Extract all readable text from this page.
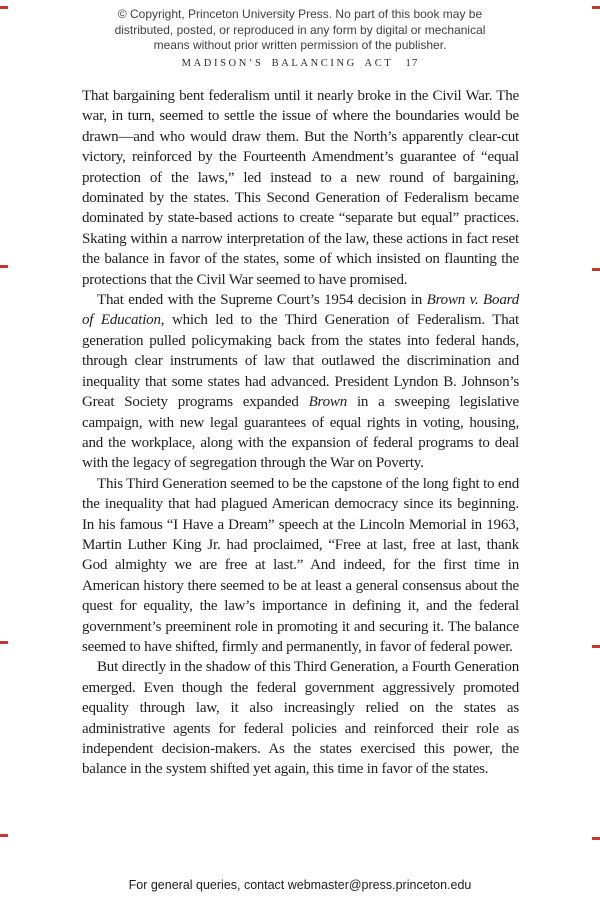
© Copyright, Princeton University Press. No part of this book may be
distributed, posted, or reproduced in any form by digital or mechanical
means without prior written permission of the publisher.
MADISON’S BALANCING ACT 17

That bargaining bent federalism until it nearly broke in the Civil War. The war, in turn, seemed to settle the issue of where the boundaries would be drawn—and who would draw them. But the North’s apparently clear-cut victory, reinforced by the Fourteenth Amendment’s guarantee of “equal protection of the laws,” led instead to a new round of bargaining, dominated by the states. This Second Generation of Federalism became dominated by state-based actions to create “separate but equal” practices. Skating within a narrow interpretation of the law, these actions in fact reset the balance in favor of the states, some of which insisted on flaunting the protections that the Civil War seemed to have promised.

That ended with the Supreme Court’s 1954 decision in Brown v. Board of Education, which led to the Third Generation of Federalism. That generation pulled policymaking back from the states into federal hands, through clear instruments of law that outlawed the discrimination and inequality that some states had advanced. President Lyndon B. Johnson’s Great Society programs expanded Brown in a sweeping legislative campaign, with new legal guarantees of equal rights in voting, housing, and the workplace, along with the expansion of federal programs to deal with the legacy of segregation through the War on Poverty.

This Third Generation seemed to be the capstone of the long fight to end the inequality that had plagued American democracy since its beginning. In his famous “I Have a Dream” speech at the Lincoln Memorial in 1963, Martin Luther King Jr. had proclaimed, “Free at last, free at last, thank God almighty we are free at last.” And indeed, for the first time in American history there seemed to be at least a general consensus about the quest for equality, the law’s importance in defining it, and the federal government’s preeminent role in promoting it and securing it. The balance seemed to have shifted, firmly and permanently, in favor of federal power.

But directly in the shadow of this Third Generation, a Fourth Generation emerged. Even though the federal government aggressively promoted equality through law, it also increasingly relied on the states as administrative agents for federal policies and reinforced their role as independent decision-makers. As the states exercised this power, the balance in the system shifted yet again, this time in favor of the states.

For general queries, contact webmaster@press.princeton.edu
